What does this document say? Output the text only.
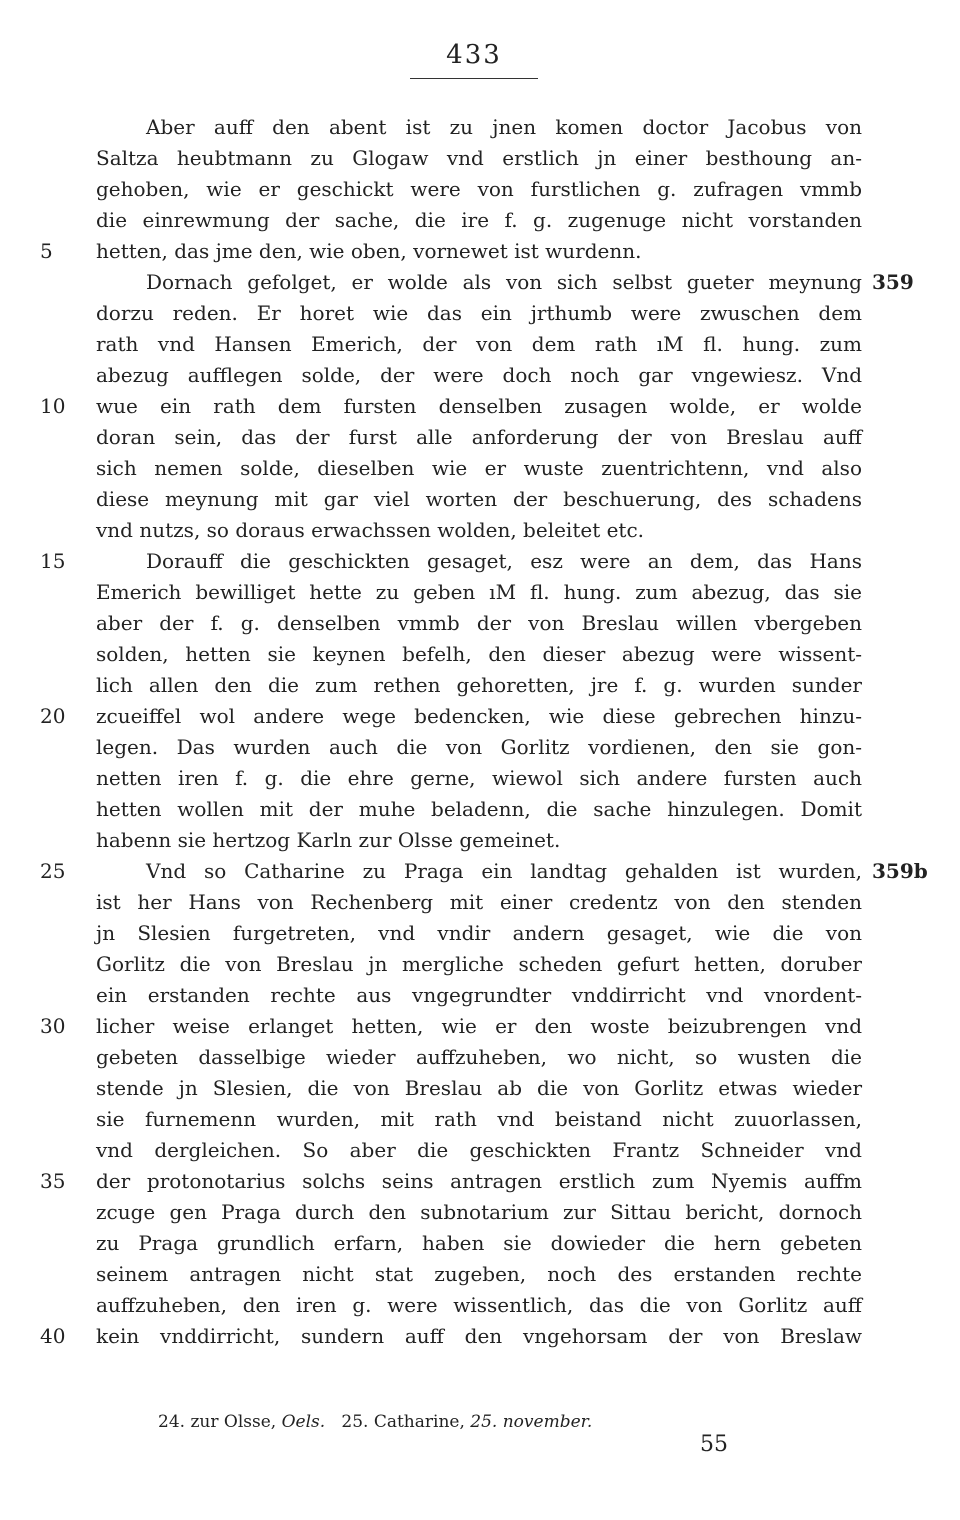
433
Aber auff den abent ist zu jnen komen doctor Jacobus von
Saltza heubtmann zu Glogaw vnd erstlich jn einer besthoung an-
gehoben, wie er geschickt were von furstlichen g. zufragen vmmb
die einrewmung der sache, die ire f. g. zugenuge nicht vorstanden
hetten, das jme den, wie oben, vornewet ist wurdenn.
5
Dornach gefolget, er wolde als von sich selbst gueter meynung 359
dorzu reden. Er horet wie das ein jrthumb were zwuschen dem
rath vnd Hansen Emerich, der von dem rath ıM fl. hung. zum
abezug aufflegen solde, der were doch noch gar vngewiesz. Vnd
wue ein rath dem fursten denselben zusagen wolde, er wolde
10
doran sein, das der furst alle anforderung der von Breslau auff
sich nemen solde, dieselben wie er wuste zuentrichtenn, vnd also
diese meynung mit gar viel worten der beschuerung, des schadens
vnd nutzs, so doraus erwachssen wolden, beleitet etc.
Dorauff die geschickten gesaget, esz were an dem, das Hans
15
Emerich bewilliget hette zu geben ıM fl. hung. zum abezug, das sie
aber der f. g. denselben vmmb der von Breslau willen vbergeben
solden, hetten sie keynen befelh, den dieser abezug were wissent-
lich allen den die zum rethen gehoretten, jre f. g. wurden sunder
zcueiffel wol andere wege bedencken, wie diese gebrechen hinzu-
20
legen. Das wurden auch die von Gorlitz vordienen, den sie gon-
netten iren f. g. die ehre gerne, wiewol sich andere fursten auch
hetten wollen mit der muhe beladenn, die sache hinzulegen. Domit
habenn sie hertzog Karln zur Olsse gemeinet.
Vnd so Catharine zu Praga ein landtag gehalden ist wurden,
25	359b
ist her Hans von Rechenberg mit einer credentz von den stenden
jn Slesien furgetreten, vnd vndir andern gesaget, wie die von
Gorlitz die von Breslau jn mergliche scheden gefurt hetten, doruber
ein erstanden rechte aus vngegrundter vnddirricht vnd vnordent-
licher weise erlanget hetten, wie er den woste beizubrengen vnd
30
gebeten dasselbige wieder auffzuheben, wo nicht, so wusten die
stende jn Slesien, die von Breslau ab die von Gorlitz etwas wieder
sie furnemenn wurden, mit rath vnd beistand nicht zuuorlassen,
vnd dergleichen. So aber die geschickten Frantz Schneider vnd
der protonotarius solchs seins antragen erstlich zum Nyemis auffm
35
zcuge gen Praga durch den subnotarium zur Sittau bericht, dornoch
zu Praga grundlich erfarn, haben sie dowieder die hern gebeten
seinem antragen nicht stat zugeben, noch des erstanden rechte
auffzuheben, den iren g. were wissentlich, das die von Gorlitz auff
kein vnddirricht, sundern auff den vngehorsam der von Breslaw
40
24. zur Olsse, Oels. 25. Catharine, 25. november.
55
